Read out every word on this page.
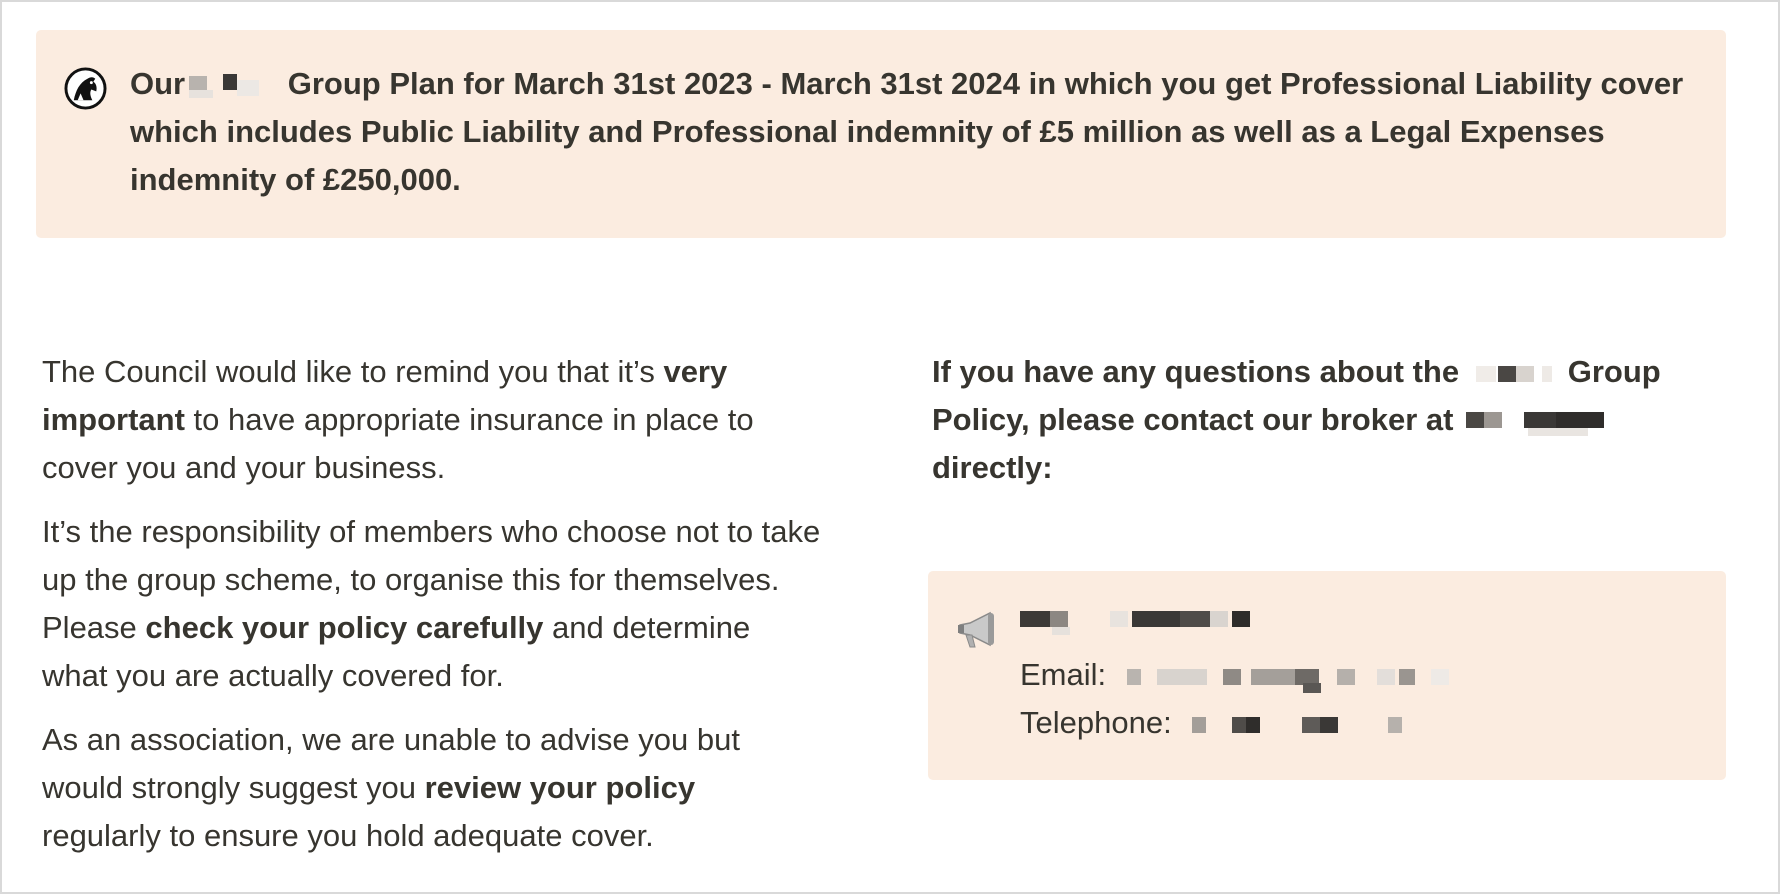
Our	Group Plan for March 31st 2023 - March 31st 2024 in which you get Professional Liability cover which includes Public Liability and Professional indemnity of £5 million as well as a Legal Expenses indemnity of £250,000.

The Council would like to remind you that it’s very important to have appropriate insurance in place to cover you and your business.

It’s the responsibility of members who choose not to take up the group scheme, to organise this for themselves. Please check your policy carefully and determine what you are actually covered for.

As an association, we are unable to advise you but would strongly suggest you review your policy regularly to ensure you hold adequate cover.

If you have any questions about the	Group Policy, please contact our broker at

directly:
Email:
Telephone:
